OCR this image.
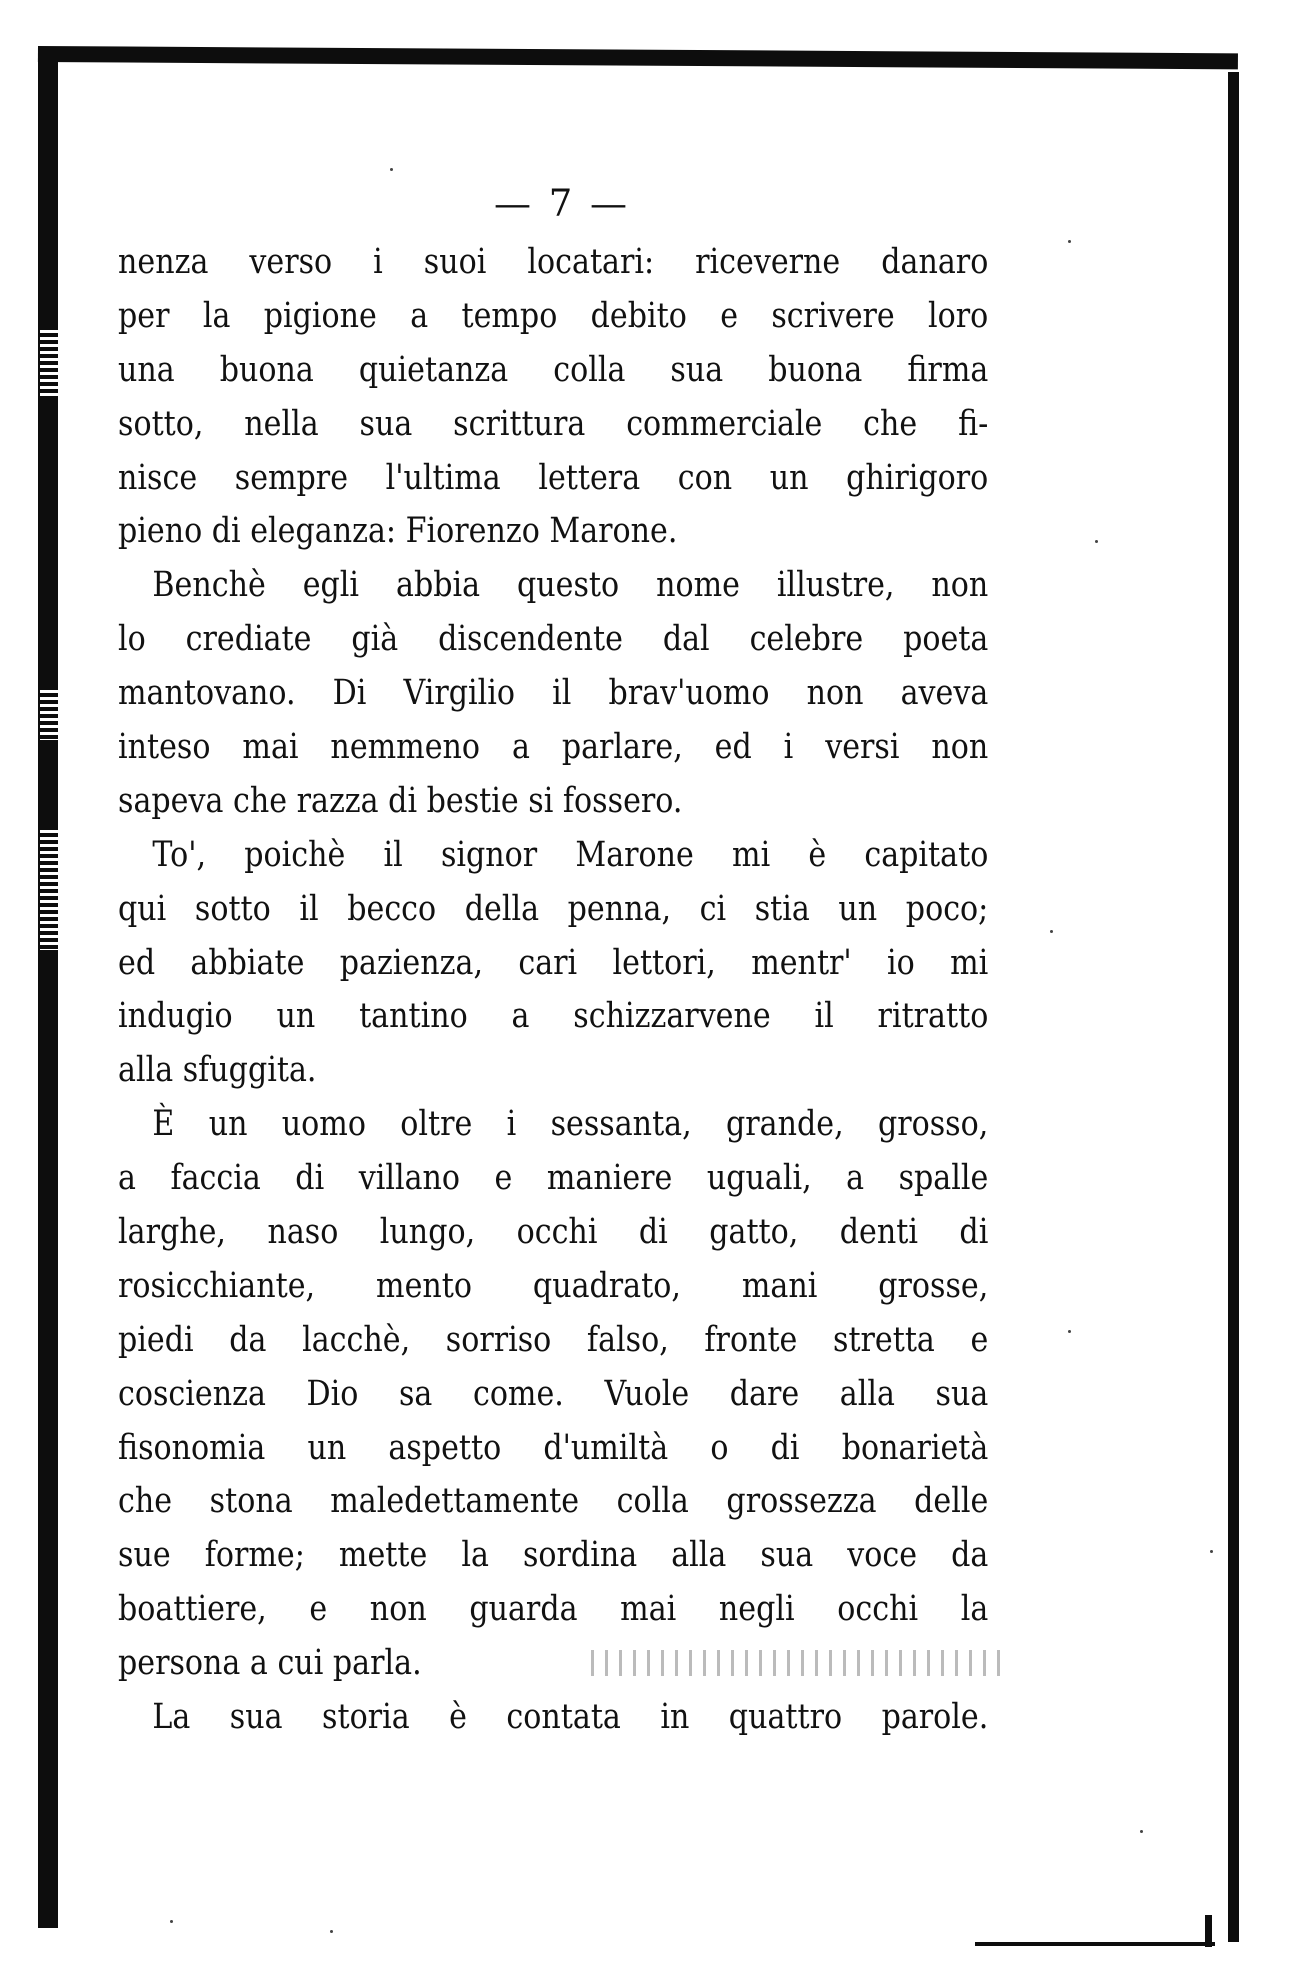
— 7 —
nenza verso i suoi locatari: riceverne danaro
per la pigione a tempo debito e scrivere loro
una buona quietanza colla sua buona firma
sotto, nella sua scrittura commerciale che fi-
nisce sempre l'ultima lettera con un ghirigoro
pieno di eleganza: Fiorenzo Marone.
Benchè egli abbia questo nome illustre, non
lo crediate già discendente dal celebre poeta
mantovano. Di Virgilio il brav'uomo non aveva
inteso mai nemmeno a parlare, ed i versi non
sapeva che razza di bestie si fossero.
To', poichè il signor Marone mi è capitato
qui sotto il becco della penna, ci stia un poco;
ed abbiate pazienza, cari lettori, mentr' io mi
indugio un tantino a schizzarvene il ritratto
alla sfuggita.
È un uomo oltre i sessanta, grande, grosso,
a faccia di villano e maniere uguali, a spalle
larghe, naso lungo, occhi di gatto, denti di
rosicchiante, mento quadrato, mani grosse,
piedi da lacchè, sorriso falso, fronte stretta e
coscienza Dio sa come. Vuole dare alla sua
fisonomia un aspetto d'umiltà o di bonarietà
che stona maledettamente colla grossezza delle
sue forme; mette la sordina alla sua voce da
boattiere, e non guarda mai negli occhi la
persona a cui parla.
La sua storia è contata in quattro parole.
